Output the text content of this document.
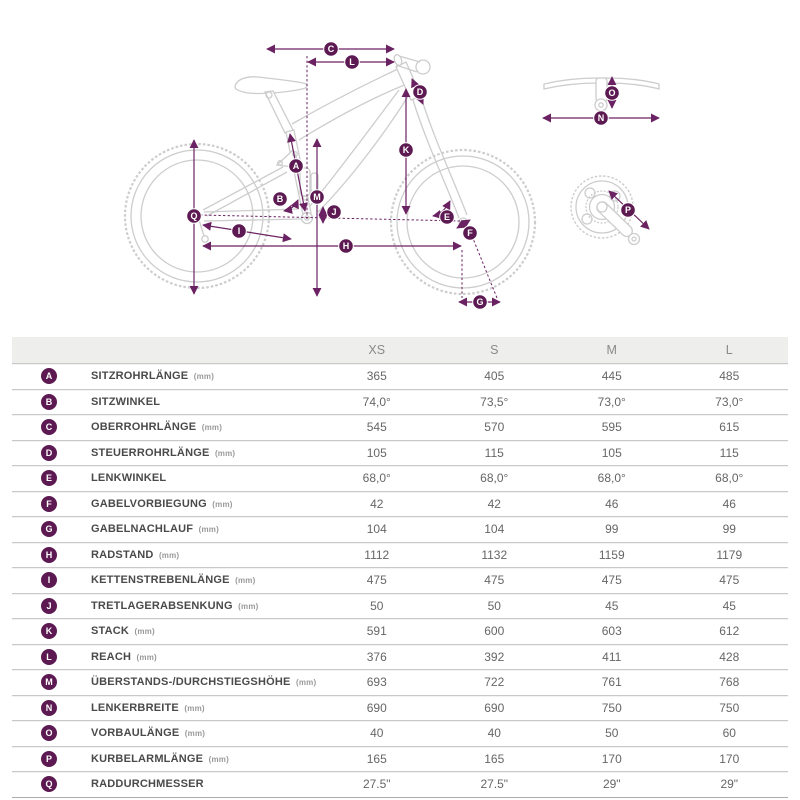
A
B
C
D
E
F
G
H
I
J
K
L
M
N
O
P
Q
XS	S	M	L
A	SITZROHRLÄNGE (mm)	365	405	445	485
B	SITZWINKEL	74,0°	73,5°	73,0°	73,0°
C	OBERROHRLÄNGE (mm)	545	570	595	615
D	STEUERROHRLÄNGE (mm)	105	115	105	115
E	LENKWINKEL	68,0°	68,0°	68,0°	68,0°
F	GABELVORBIEGUNG (mm)	42	42	46	46
G	GABELNACHLAUF (mm)	104	104	99	99
H	RADSTAND (mm)	1112	1132	1159	1179
I	KETTENSTREBENLÄNGE (mm)	475	475	475	475
J	TRETLAGERABSENKUNG (mm)	50	50	45	45
K	STACK (mm)	591	600	603	612
L	REACH (mm)	376	392	411	428
M	ÜBERSTANDS-/DURCHSTIEGSHÖHE (mm)	693	722	761	768
N	LENKERBREITE (mm)	690	690	750	750
O	VORBAULÄNGE (mm)	40	40	50	60
P	KURBELARMLÄNGE (mm)	165	165	170	170
Q	RADDURCHMESSER	27.5"	27.5"	29"	29"
